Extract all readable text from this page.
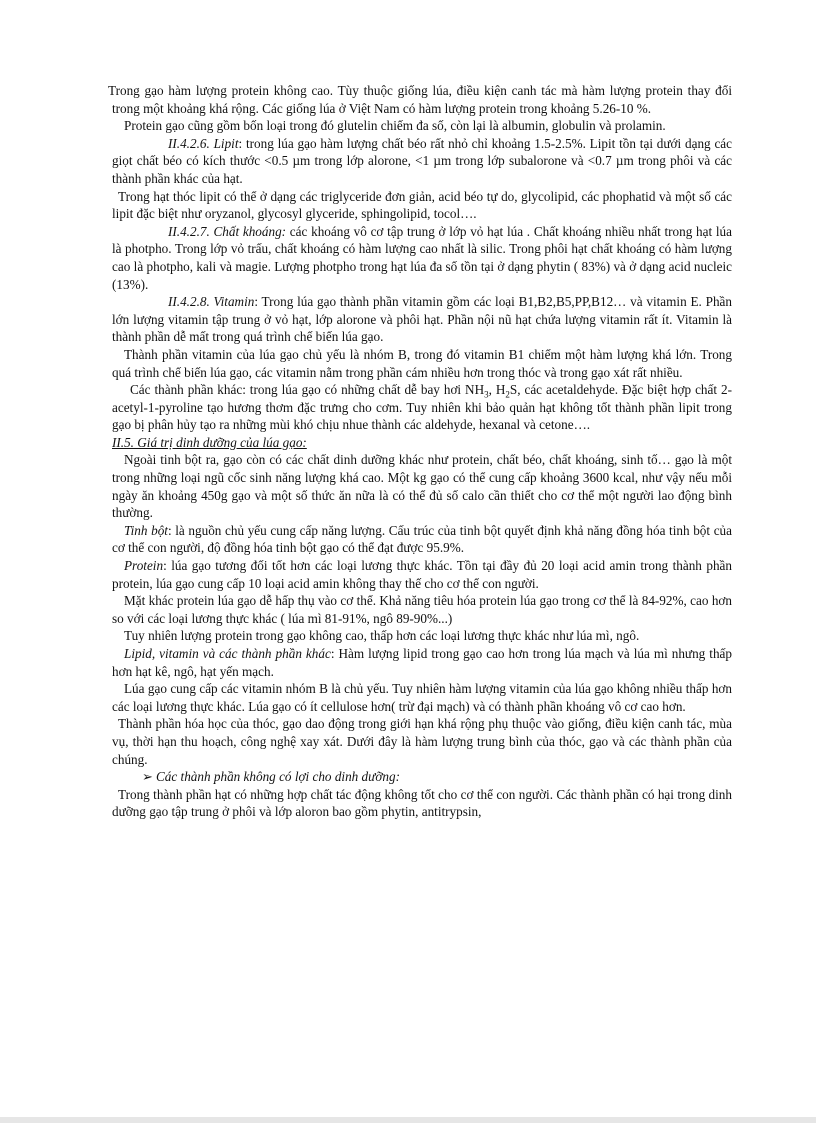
Trong gạo hàm lượng protein không cao. Tùy thuộc giống lúa, điều kiện canh tác mà hàm lượng protein thay đổi trong một khoảng khá rộng. Các giống lúa ở Việt Nam có hàm lượng protein trong khoảng 5.26-10 %.

Protein gạo cũng gồm bốn loại trong đó glutelin chiếm đa số, còn lại là albumin, globulin và prolamin.

II.4.2.6. Lipit: trong lúa gạo hàm lượng chất béo rất nhỏ chỉ khoảng 1.5-2.5%. Lipit tồn tại dưới dạng các giọt chất béo có kích thước <0.5 µm trong lớp alorone, <1 µm trong lớp subalorone và <0.7 µm trong phôi và các thành phần khác của hạt.

Trong hạt thóc lipit có thể ở dạng các triglyceride đơn giản, acid béo tự do, glycolipid, các phophatid và một số các lipit đặc biệt như oryzanol, glycosyl glyceride, sphingolipid, tocol….

II.4.2.7. Chất khoáng: các khoáng vô cơ tập trung ở lớp vỏ hạt lúa . Chất khoáng nhiều nhất trong hạt lúa là photpho. Trong lớp vỏ trấu, chất khoáng có hàm lượng cao nhất là silic. Trong phôi hạt chất khoáng có hàm lượng cao là photpho, kali và magie. Lượng photpho trong hạt lúa đa số tồn tại ở dạng phytin ( 83%) và ở dạng acid nucleic (13%).

II.4.2.8. Vitamin: Trong lúa gạo thành phần vitamin gồm các loại B1,B2,B5,PP,B12… và vitamin E. Phần lớn lượng vitamin tập trung ở vỏ hạt, lớp alorone và phôi hạt. Phần nội nũ hạt chứa lượng vitamin rất ít. Vitamin là thành phần dễ mất trong quá trình chế biến lúa gạo.

Thành phần vitamin của lúa gạo chủ yếu là nhóm B, trong đó vitamin B1 chiếm một hàm lượng khá lớn. Trong quá trình chế biến lúa gạo, các vitamin nằm trong phần cám nhiều hơn trong thóc và trong gạo xát rất nhiều.

Các thành phần khác: trong lúa gạo có những chất dễ bay hơi $NH_3$, $H_2S$, các acetaldehyde. Đặc biệt hợp chất 2-acetyl-1-pyroline tạo hương thơm đặc trưng cho cơm. Tuy nhiên khi bảo quản hạt không tốt thành phần lipit trong gạo bị phân hủy tạo ra những mùi khó chịu nhue thành các aldehyde, hexanal và cetone….

II.5. Giá trị dinh dưỡng của lúa gạo:

Ngoài tinh bột ra, gạo còn có các chất dinh dưỡng khác như protein, chất béo, chất khoáng, sinh tố… gạo là một trong những loại ngũ cốc sinh năng lượng khá cao. Một kg gạo có thể cung cấp khoảng 3600 kcal, như vậy nếu mỗi ngày ăn khoảng 450g gạo và một số thức ăn nữa là có thể đủ số calo cần thiết cho cơ thể một người lao động bình thường.

Tinh bột: là nguồn chủ yếu cung cấp năng lượng. Cấu trúc của tinh bột quyết định khả năng đồng hóa tinh bột của cơ thể con người, độ đồng hóa tinh bột gạo có thể đạt được 95.9%.

Protein: lúa gạo tương đối tốt hơn các loại lương thực khác. Tồn tại đầy đủ 20 loại acid amin trong thành phần protein, lúa gạo cung cấp 10 loại acid amin không thay thế cho cơ thể con người.

Mặt khác protein lúa gạo dễ hấp thụ vào cơ thể. Khả năng tiêu hóa protein lúa gạo trong cơ thể là 84-92%, cao hơn so với các loại lương thực khác ( lúa mì 81-91%, ngô 89-90%...)

Tuy nhiên lượng protein trong gạo không cao, thấp hơn các loại lương thực khác như lúa mì, ngô.

Lipid, vitamin và các thành phần khác: Hàm lượng lipid trong gạo cao hơn trong lúa mạch và lúa mì nhưng thấp hơn hạt kê, ngô, hạt yến mạch.

Lúa gạo cung cấp các vitamin nhóm B là chủ yếu. Tuy nhiên hàm lượng vitamin của lúa gạo không nhiều thấp hơn các loại lương thực khác. Lúa gạo có ít cellulose hơn( trừ đại mạch) và có thành phần khoáng vô cơ cao hơn.

Thành phần hóa học của thóc, gạo dao động trong giới hạn khá rộng phụ thuộc vào giống, điều kiện canh tác, mùa vụ, thời hạn thu hoạch, công nghệ xay xát. Dưới đây là hàm lượng trung bình của thóc, gạo và các thành phần của chúng.

➢ Các thành phần không có lợi cho dinh dưỡng:

Trong thành phần hạt có những hợp chất tác động không tốt cho cơ thể con người. Các thành phần có hại trong dinh dưỡng gạo tập trung ở phôi và lớp aloron bao gồm phytin, antitrypsin,
